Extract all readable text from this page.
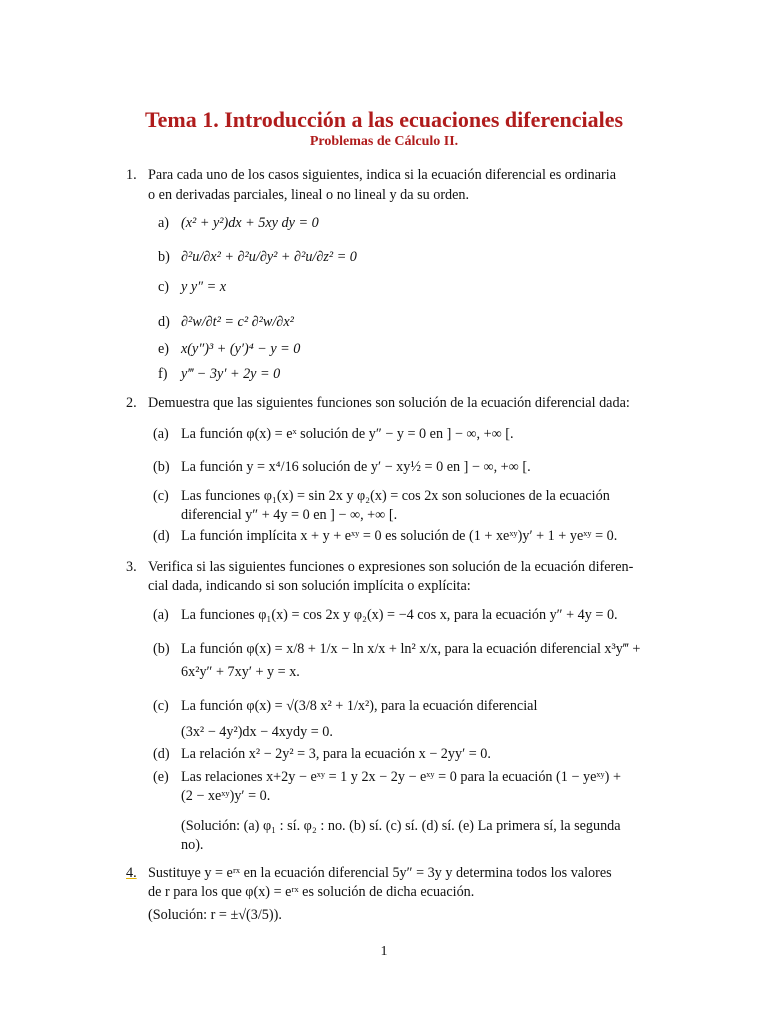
Tema 1. Introducción a las ecuaciones diferenciales
Problemas de Cálculo II.
1. Para cada uno de los casos siguientes, indica si la ecuación diferencial es ordinaria
o en derivadas parciales, lineal o no lineal y da su orden.
a) (x² + y²)dx + 5xy dy = 0
b) ∂²u/∂x² + ∂²u/∂y² + ∂²u/∂z² = 0
c) y y″ = x
d) ∂²w/∂t² = c² ∂²w/∂x²
e) x(y″)³ + (y′)⁴ − y = 0
f) y‴ − 3y′ + 2y = 0
2. Demuestra que las siguientes funciones son solución de la ecuación diferencial dada:
(a) La función φ(x) = eˣ solución de y″ − y = 0 en ] − ∞, +∞ [.
(b) La función y = x⁴/16 solución de y′ − xy½ = 0 en ] − ∞, +∞ [.
(c) Las funciones φ₁(x) = sin 2x y φ₂(x) = cos 2x son soluciones de la ecuación
diferencial y″ + 4y = 0 en ] − ∞, +∞ [.
(d) La función implícita x + y + eˣʸ = 0 es solución de (1 + xeˣʸ)y′ + 1 + yeˣʸ = 0.
3. Verifica si las siguientes funciones o expresiones son solución de la ecuación diferen-
cial dada, indicando si son solución implícita o explícita:
(a) La funciones φ₁(x) = cos 2x y φ₂(x) = −4 cos x, para la ecuación y″ + 4y = 0.
(b) La función φ(x) = x/8 + 1/x − ln x/x + ln² x/x, para la ecuación diferencial x³y‴ +
6x²y″ + 7xy′ + y = x.
(c) La función φ(x) = √(3/8 x² + 1/x²), para la ecuación diferencial
(3x² − 4y²)dx − 4xydy = 0.
(d) La relación x² − 2y² = 3, para la ecuación x − 2yy′ = 0.
(e) Las relaciones x+2y − eˣʸ = 1 y 2x − 2y − eˣʸ = 0 para la ecuación (1 − yeˣʸ) +
(2 − xeˣʸ)y′ = 0.
(Solución: (a) φ₁ : sí. φ₂ : no. (b) sí. (c) sí. (d) sí. (e) La primera sí, la segunda
no).
4. Sustituye y = eʳˣ en la ecuación diferencial 5y″ = 3y y determina todos los valores
de r para los que φ(x) = eʳˣ es solución de dicha ecuación.
(Solución: r = ±√(3/5)).
1
